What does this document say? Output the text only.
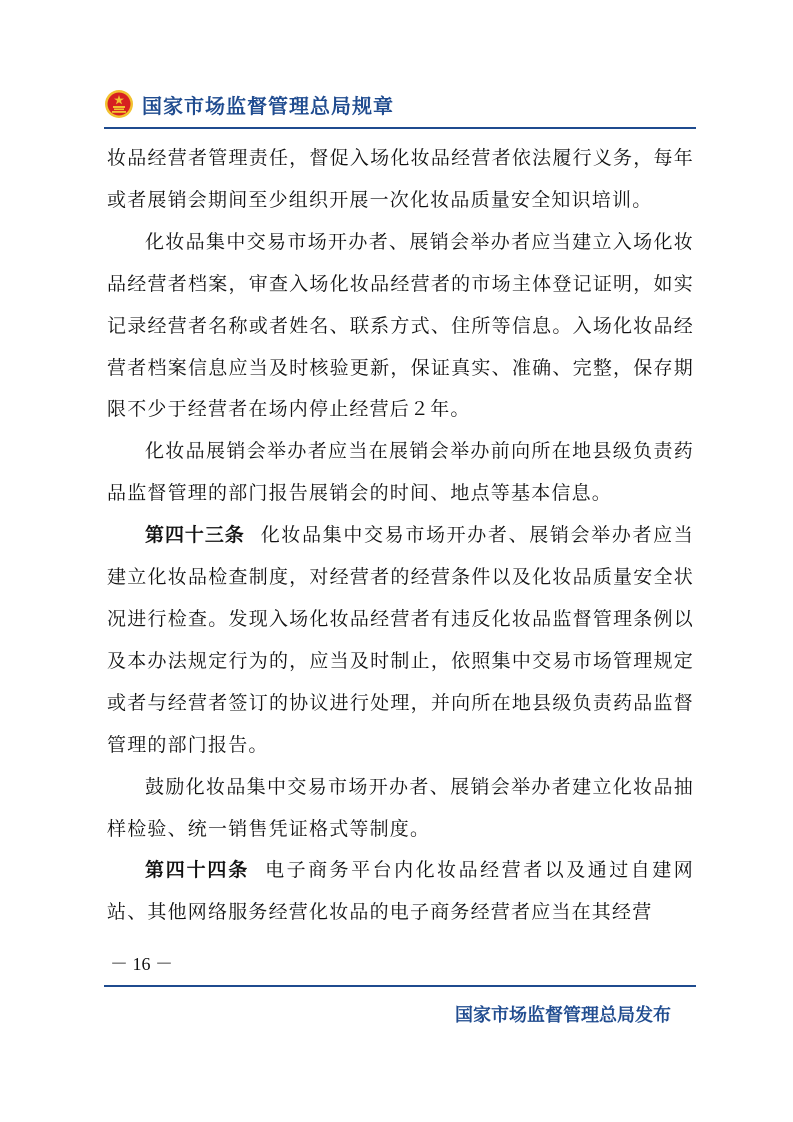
国家市场监督管理总局规章

妆品经营者管理责任，督促入场化妆品经营者依法履行义务，每年或者展销会期间至少组织开展一次化妆品质量安全知识培训。

化妆品集中交易市场开办者、展销会举办者应当建立入场化妆品经营者档案，审查入场化妆品经营者的市场主体登记证明，如实记录经营者名称或者姓名、联系方式、住所等信息。入场化妆品经营者档案信息应当及时核验更新，保证真实、准确、完整，保存期限不少于经营者在场内停止经营后２年。

化妆品展销会举办者应当在展销会举办前向所在地县级负责药品监督管理的部门报告展销会的时间、地点等基本信息。

第四十三条 化妆品集中交易市场开办者、展销会举办者应当建立化妆品检查制度，对经营者的经营条件以及化妆品质量安全状况进行检查。发现入场化妆品经营者有违反化妆品监督管理条例以及本办法规定行为的，应当及时制止，依照集中交易市场管理规定或者与经营者签订的协议进行处理，并向所在地县级负责药品监督管理的部门报告。

鼓励化妆品集中交易市场开办者、展销会举办者建立化妆品抽样检验、统一销售凭证格式等制度。

第四十四条 电子商务平台内化妆品经营者以及通过自建网站、其他网络服务经营化妆品的电子商务经营者应当在其经营

－ 16 －
国家市场监督管理总局发布
